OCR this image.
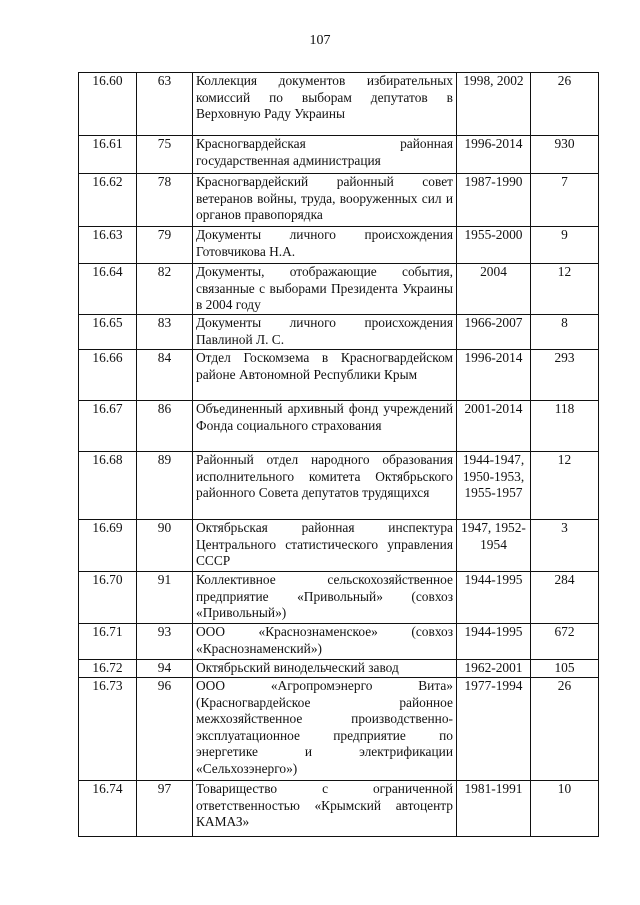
107
16.60	63	Коллекция документов избирательных комиссий по выборам депутатов в Верховную Раду Украины	1998, 2002	26
16.61	75	Красногвардейская районная государственная администрация	1996-2014	930
16.62	78	Красногвардейский районный совет ветеранов войны, труда, вооруженных сил и органов правопорядка	1987-1990	7
16.63	79	Документы личного происхождения Готовчикова Н.А.	1955-2000	9
16.64	82	Документы, отображающие события, связанные с выборами Президента Украины в 2004 году	2004	12
16.65	83	Документы личного происхождения Павлиной Л. С.	1966-2007	8
16.66	84	Отдел Госкомзема в Красногвардейском районе Автономной Республики Крым	1996-2014	293
16.67	86	Объединенный архивный фонд учреждений Фонда социального страхования	2001-2014	118
16.68	89	Районный отдел народного образования исполнительного комитета Октябрьского районного Совета депутатов трудящихся	1944-1947, 1950-1953, 1955-1957	12
16.69	90	Октябрьская районная инспектура Центрального статистического управления СССР	1947, 1952-1954	3
16.70	91	Коллективное сельскохозяйственное предприятие «Привольный» (совхоз «Привольный»)	1944-1995	284
16.71	93	ООО «Краснознаменское» (совхоз «Краснознаменский»)	1944-1995	672
16.72	94	Октябрьский винодельческий завод	1962-2001	105
16.73	96	ООО «Агропромэнерго Вита» (Красногвардейское районное межхозяйственное производственно-эксплуатационное предприятие по энергетике и электрификации «Сельхозэнерго»)	1977-1994	26
16.74	97	Товарищество с ограниченной ответственностью «Крымский автоцентр КАМАЗ»	1981-1991	10
